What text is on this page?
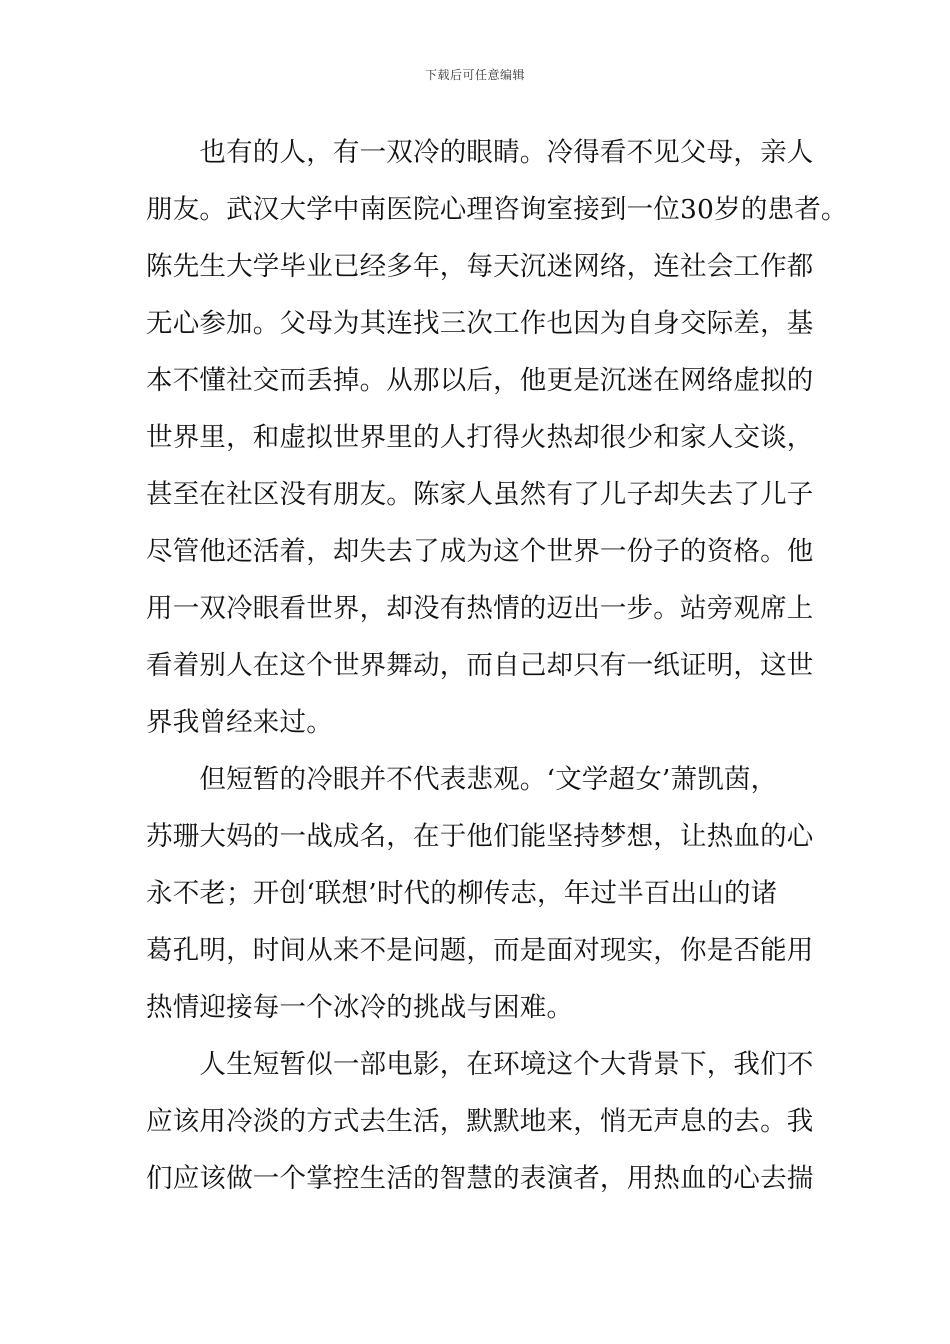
下载后可任意编辑
　　也有的人，有一双冷的眼睛。冷得看不见父母，亲人
朋友。武汉大学中南医院心理咨询室接到一位30岁的患者。
陈先生大学毕业已经多年，每天沉迷网络，连社会工作都
无心参加。父母为其连找三次工作也因为自身交际差，基
本不懂社交而丢掉。从那以后，他更是沉迷在网络虚拟的
世界里，和虚拟世界里的人打得火热却很少和家人交谈，
甚至在社区没有朋友。陈家人虽然有了儿子却失去了儿子
尽管他还活着，却失去了成为这个世界一份子的资格。他
用一双冷眼看世界，却没有热情的迈出一步。站旁观席上
看着别人在这个世界舞动，而自己却只有一纸证明，这世
界我曾经来过。
　　但短暂的冷眼并不代表悲观。‘文学超女’萧凯茵，
苏珊大妈的一战成名，在于他们能坚持梦想，让热血的心
永不老；开创‘联想’时代的柳传志，年过半百出山的诸
葛孔明，时间从来不是问题，而是面对现实，你是否能用
热情迎接每一个冰冷的挑战与困难。
　　人生短暂似一部电影，在环境这个大背景下，我们不
应该用冷淡的方式去生活，默默地来，悄无声息的去。我
们应该做一个掌控生活的智慧的表演者，用热血的心去揣
